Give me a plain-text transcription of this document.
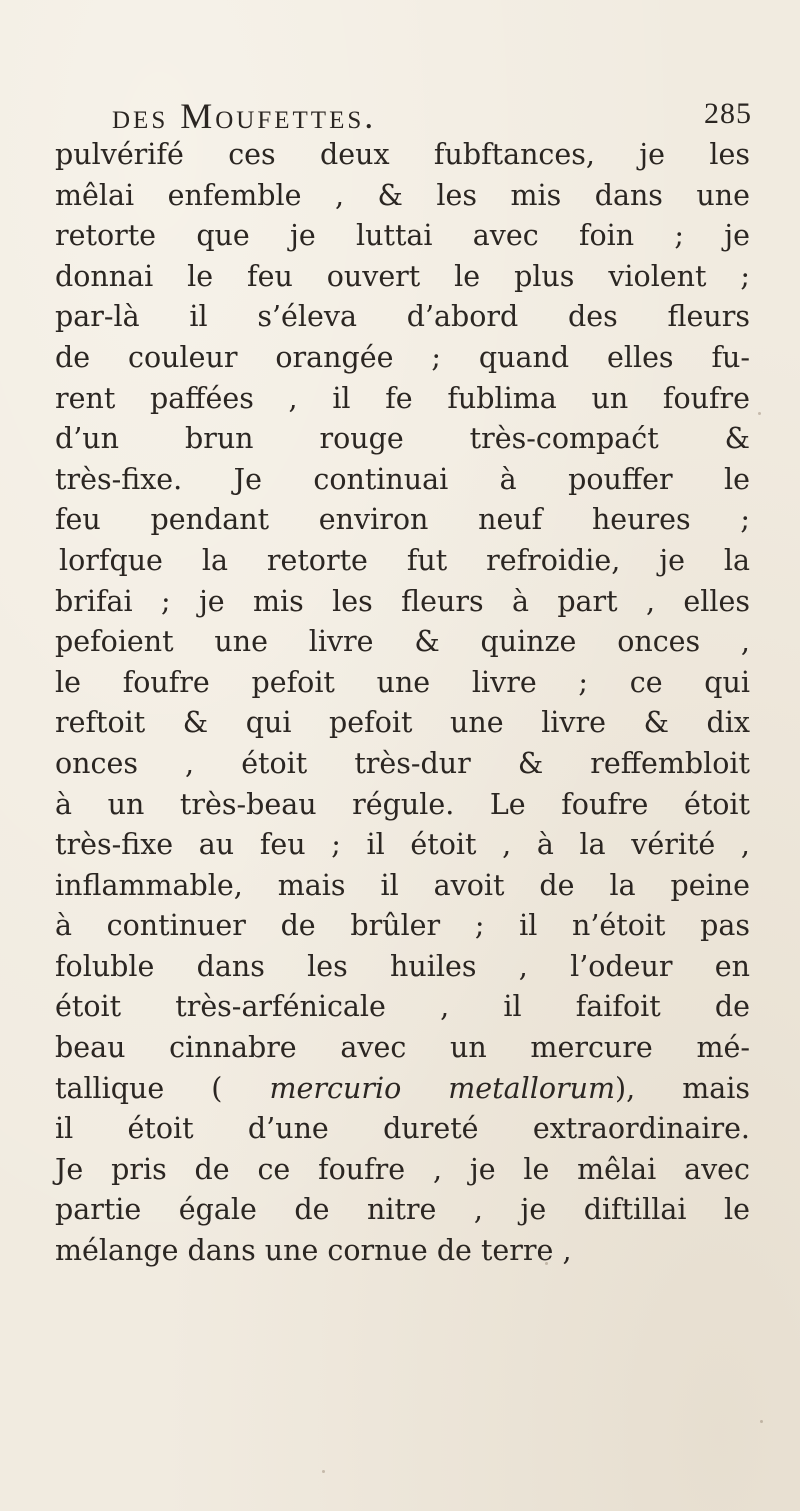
des Moufettes.	285
pulvérifé ces deux fubftances, je les
mêlai enfemble , & les mis dans une
retorte que je luttai avec foin ; je
donnai le feu ouvert le plus violent ;
par-là il s’éleva d’abord des fleurs
de couleur orangée ; quand elles fu-
rent paffées , il fe fublima un foufre
d’un brun rouge très-compaćt &
très-fixe. Je continuai à pouffer le
feu pendant environ neuf heures ;
lorfque la retorte fut refroidie, je la
brifai ; je mis les fleurs à part , elles
pefoient une livre & quinze onces ,
le foufre pefoit une livre ; ce qui
reftoit & qui pefoit une livre & dix
onces , étoit très-dur & reffembloit
à un très-beau régule. Le foufre étoit
très-fixe au feu ; il étoit , à la vérité ,
inflammable, mais il avoit de la peine
à continuer de brûler ; il n’étoit pas
foluble dans les huiles , l’odeur en
étoit très-arfénicale , il faifoit de
beau cinnabre avec un mercure mé-
tallique ( mercurio metallorum), mais
il étoit d’une dureté extraordinaire.
Je pris de ce foufre , je le mêlai avec
partie égale de nitre , je diftillai le
mélange dans une cornue de terre ,
